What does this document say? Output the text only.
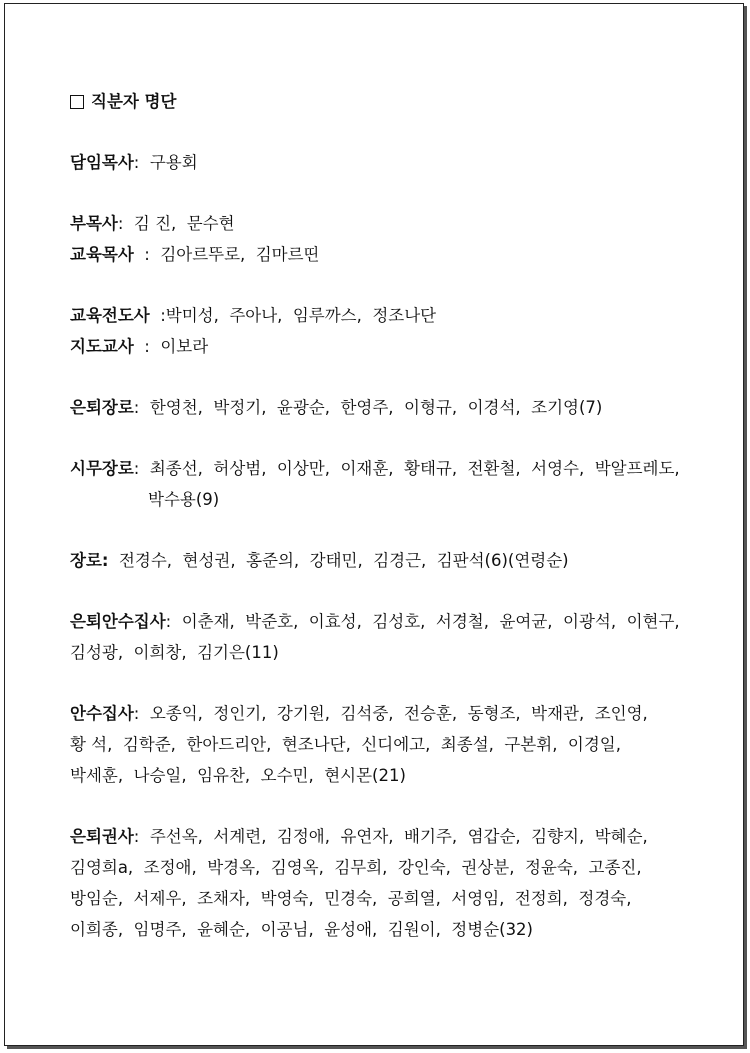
직분자 명단
담임목사:  구용회
부목사:  김 진,  문수현
교육목사  :  김아르뚜로,  김마르띤
교육전도사  :박미성,  주아나,  임루까스,  정조나단
지도교사  :  이보라
은퇴장로:  한영천,  박정기,  윤광순,  한영주,  이형규,  이경석,  조기영(7)
시무장로:  최종선,  허상범,  이상만,  이재훈,  황태규,  전환철,  서영수,  박알프레도,
박수용(9)
장로: 전경수,  현성권,  홍준의,  강태민,  김경근,  김판석(6)(연령순)
은퇴안수집사:  이춘재,  박준호,  이효성,  김성호,  서경철,  윤여균,  이광석,  이현구,
김성광,  이희창,  김기은(11)
안수집사:  오종익,  정인기,  강기원,  김석중,  전승훈,  동형조,  박재관,  조인영,
황 석,  김학준,  한아드리안,  현조나단,  신디에고,  최종설,  구본휘,  이경일,
박세훈,  나승일,  임유찬,  오수민,  현시몬(21)
은퇴권사:  주선옥,  서계련,  김정애,  유연자,  배기주,  염갑순,  김향지,  박혜순,
김영희a,  조정애,  박경옥,  김영옥,  김무희,  강인숙,  권상분,  정윤숙,  고종진,
방임순,  서제우,  조채자,  박영숙,  민경숙,  공희열,  서영임,  전정희,  정경숙,
이희종,  임명주,  윤혜순,  이공님,  윤성애,  김원이,  정병순(32)
